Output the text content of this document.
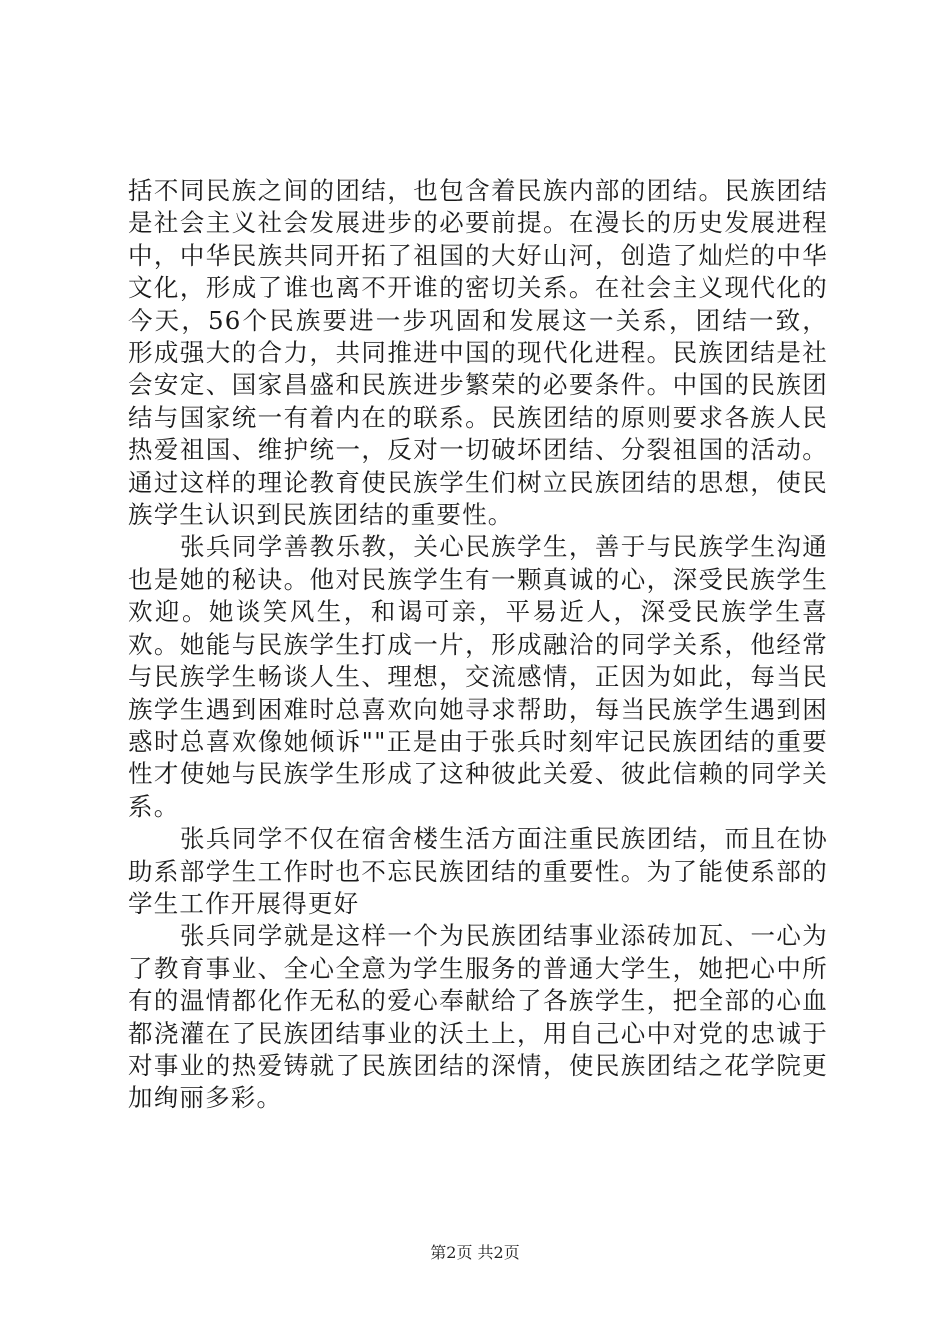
括不同民族之间的团结，也包含着民族内部的团结。民族团结是社会主义社会发展进步的必要前提。在漫长的历史发展进程中，中华民族共同开拓了祖国的大好山河，创造了灿烂的中华文化，形成了谁也离不开谁的密切关系。在社会主义现代化的今天，56个民族要进一步巩固和发展这一关系，团结一致，形成强大的合力，共同推进中国的现代化进程。民族团结是社会安定、国家昌盛和民族进步繁荣的必要条件。中国的民族团结与国家统一有着内在的联系。民族团结的原则要求各族人民热爱祖国、维护统一，反对一切破坏团结、分裂祖国的活动。通过这样的理论教育使民族学生们树立民族团结的思想，使民族学生认识到民族团结的重要性。

张兵同学善教乐教，关心民族学生，善于与民族学生沟通也是她的秘诀。他对民族学生有一颗真诚的心，深受民族学生欢迎。她谈笑风生，和谒可亲，平易近人，深受民族学生喜欢。她能与民族学生打成一片，形成融洽的同学关系，他经常与民族学生畅谈人生、理想，交流感情，正因为如此，每当民族学生遇到困难时总喜欢向她寻求帮助，每当民族学生遇到困惑时总喜欢像她倾诉""正是由于张兵时刻牢记民族团结的重要性才使她与民族学生形成了这种彼此关爱、彼此信赖的同学关系。

张兵同学不仅在宿舍楼生活方面注重民族团结，而且在协助系部学生工作时也不忘民族团结的重要性。为了能使系部的学生工作开展得更好

张兵同学就是这样一个为民族团结事业添砖加瓦、一心为了教育事业、全心全意为学生服务的普通大学生，她把心中所有的温情都化作无私的爱心奉献给了各族学生，把全部的心血都浇灌在了民族团结事业的沃土上，用自己心中对党的忠诚于对事业的热爱铸就了民族团结的深情，使民族团结之花学院更加绚丽多彩。

第2页 共2页
